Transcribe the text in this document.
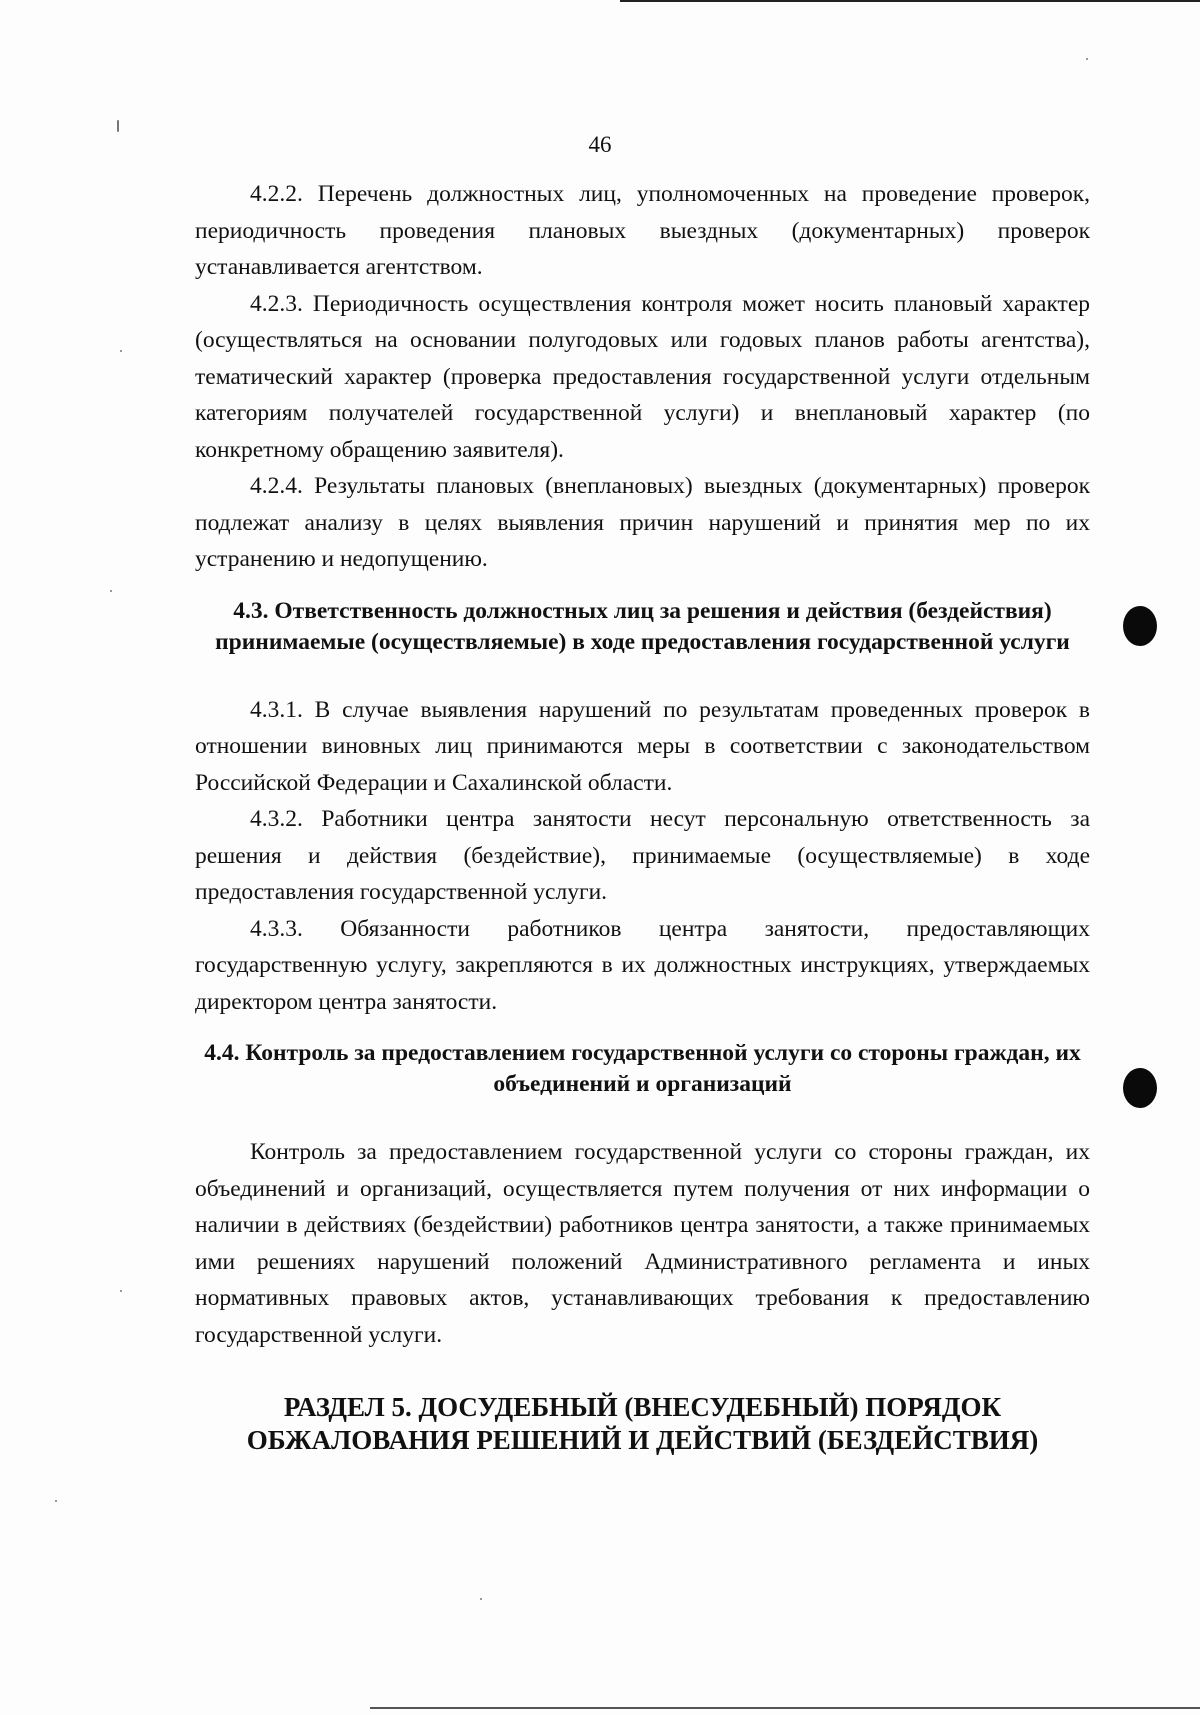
46

4.2.2. Перечень должностных лиц, уполномоченных на проведение проверок, периодичность проведения плановых выездных (документарных) проверок устанавливается агентством.

4.2.3. Периодичность осуществления контроля может носить плановый характер (осуществляться на основании полугодовых или годовых планов работы агентства), тематический характер (проверка предоставления государственной услуги отдельным категориям получателей государственной услуги) и внеплановый характер (по конкретному обращению заявителя).

4.2.4. Результаты плановых (внеплановых) выездных (документарных) проверок подлежат анализу в целях выявления причин нарушений и принятия мер по их устранению и недопущению.

4.3. Ответственность должностных лиц за решения и действия (бездействия) принимаемые (осуществляемые) в ходе предоставления государственной услуги

4.3.1. В случае выявления нарушений по результатам проведенных проверок в отношении виновных лиц принимаются меры в соответствии с законодательством Российской Федерации и Сахалинской области.

4.3.2. Работники центра занятости несут персональную ответственность за решения и действия (бездействие), принимаемые (осуществляемые) в ходе предоставления государственной услуги.

4.3.3. Обязанности работников центра занятости, предоставляющих государственную услугу, закрепляются в их должностных инструкциях, утверждаемых директором центра занятости.

4.4. Контроль за предоставлением государственной услуги со стороны граждан, их объединений и организаций

Контроль за предоставлением государственной услуги со стороны граждан, их объединений и организаций, осуществляется путем получения от них информации о наличии в действиях (бездействии) работников центра занятости, а также принимаемых ими решениях нарушений положений Административного регламента и иных нормативных правовых актов, устанавливающих требования к предоставлению государственной услуги.

РАЗДЕЛ 5. ДОСУДЕБНЫЙ (ВНЕСУДЕБНЫЙ) ПОРЯДОК
ОБЖАЛОВАНИЯ РЕШЕНИЙ И ДЕЙСТВИЙ (БЕЗДЕЙСТВИЯ)
